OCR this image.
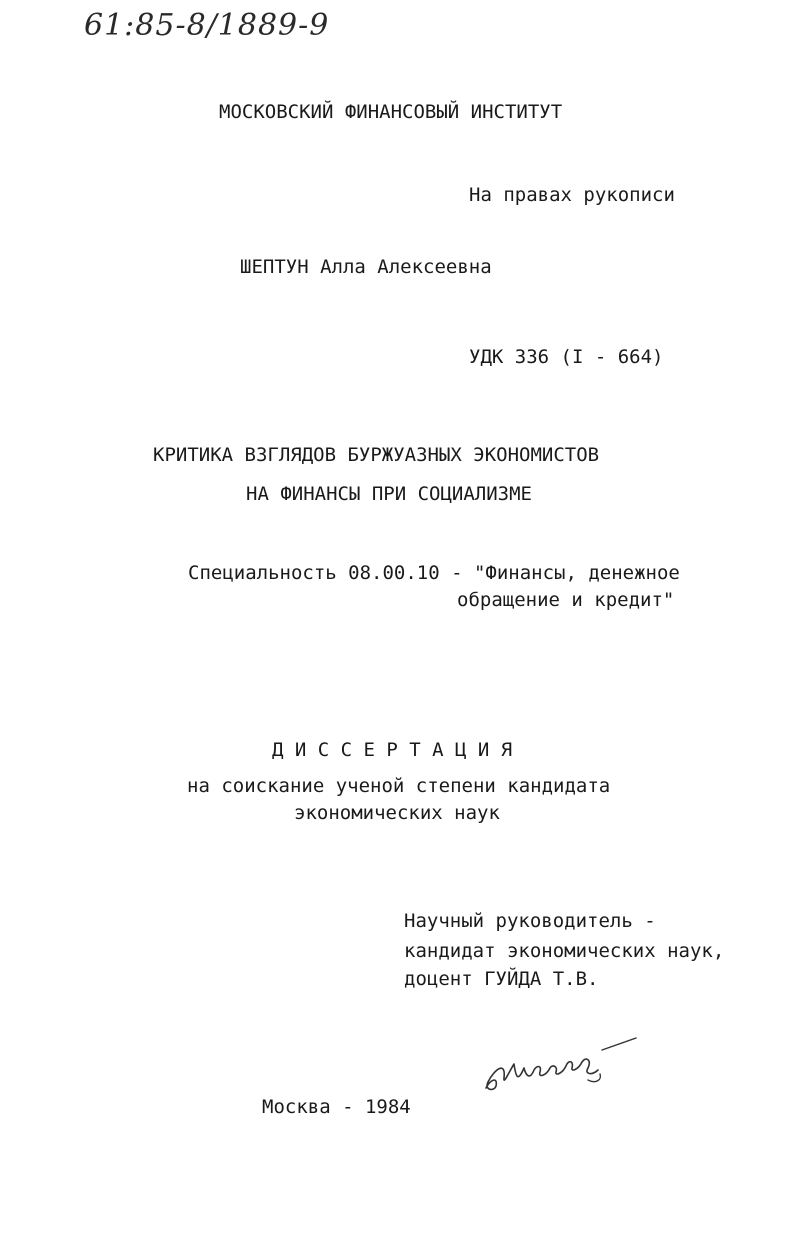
61:85-8/1889-9
МОСКОВСКИЙ ФИНАНСОВЫЙ ИНСТИТУТ
На правах рукописи
ШЕПТУН Алла Алексеевна
УДК 336 (I - 664)
КРИТИКА ВЗГЛЯДОВ БУРЖУАЗНЫХ ЭКОНОМИСТОВ
НА ФИНАНСЫ ПРИ СОЦИАЛИЗМЕ
Специальность 08.00.10 - "Финансы, денежное
обращение и кредит"
Д И С С Е Р Т А Ц И Я
на соискание ученой степени кандидата
экономических наук
Научный руководитель -
кандидат экономических наук,
доцент ГУЙДА Т.В.
Москва - 1984
